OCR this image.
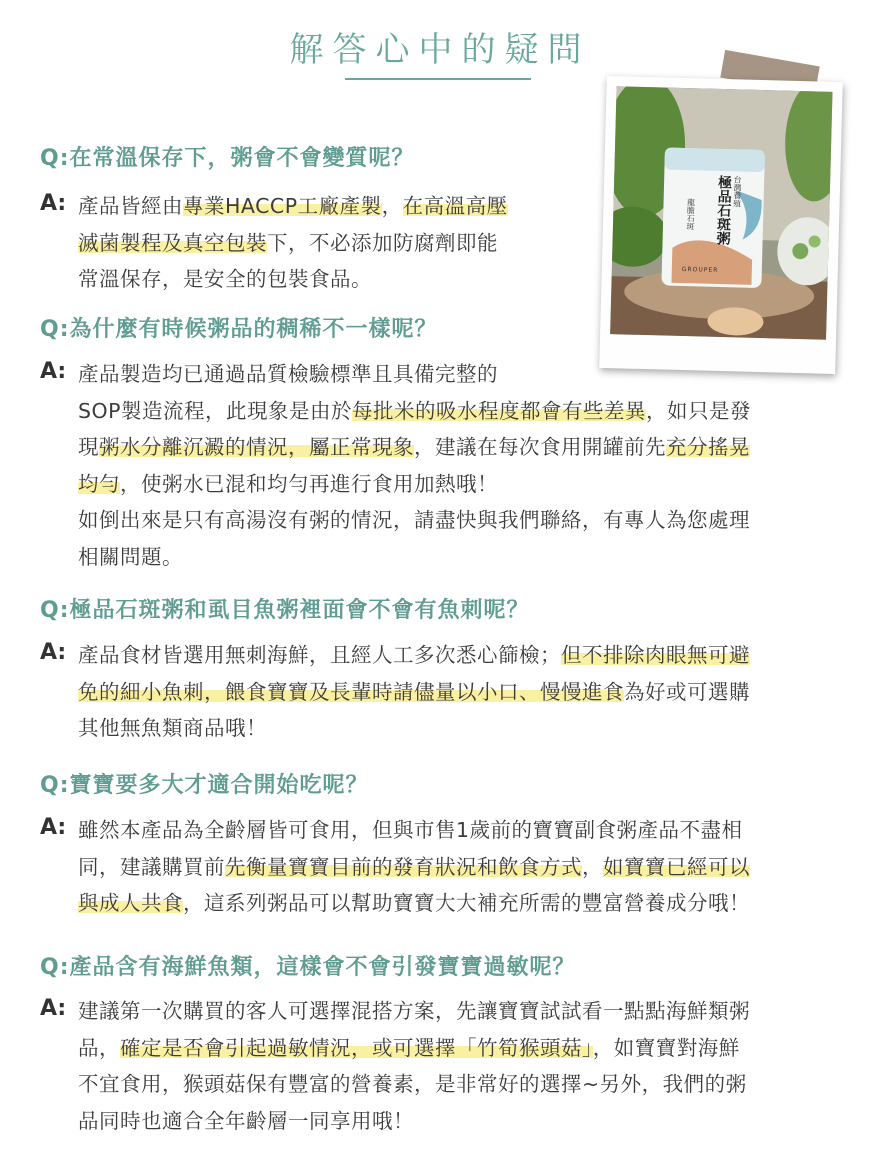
解答心中的疑問
台灣養殖
極品石斑粥
龍膽石斑
GROUPER
Q:在常溫保存下，粥會不會變質呢？
A: 產品皆經由專業HACCP工廠產製，在高溫高壓
滅菌製程及真空包裝下，不必添加防腐劑即能
常溫保存，是安全的包裝食品。
Q:為什麼有時候粥品的稠稀不一樣呢？
A: 產品製造均已通過品質檢驗標準且具備完整的
SOP製造流程，此現象是由於每批米的吸水程度都會有些差異，如只是發
現粥水分離沉澱的情況，屬正常現象，建議在每次食用開罐前先充分搖晃
均勻，使粥水已混和均勻再進行食用加熱哦！
如倒出來是只有高湯沒有粥的情況，請盡快與我們聯絡，有專人為您處理
相關問題。
Q:極品石斑粥和虱目魚粥裡面會不會有魚刺呢？
A: 產品食材皆選用無刺海鮮，且經人工多次悉心篩檢；但不排除肉眼無可避
免的細小魚刺，餵食寶寶及長輩時請儘量以小口、慢慢進食為好或可選購
其他無魚類商品哦！
Q:寶寶要多大才適合開始吃呢？
A: 雖然本產品為全齡層皆可食用，但與市售1歲前的寶寶副食粥產品不盡相
同，建議購買前先衡量寶寶目前的發育狀況和飲食方式，如寶寶已經可以
與成人共食，這系列粥品可以幫助寶寶大大補充所需的豐富營養成分哦！
Q:產品含有海鮮魚類，這樣會不會引發寶寶過敏呢？
A: 建議第一次購買的客人可選擇混搭方案，先讓寶寶試試看一點點海鮮類粥
品，確定是否會引起過敏情況，或可選擇「竹筍猴頭菇」，如寶寶對海鮮
不宜食用，猴頭菇保有豐富的營養素，是非常好的選擇~另外，我們的粥
品同時也適合全年齡層一同享用哦！
